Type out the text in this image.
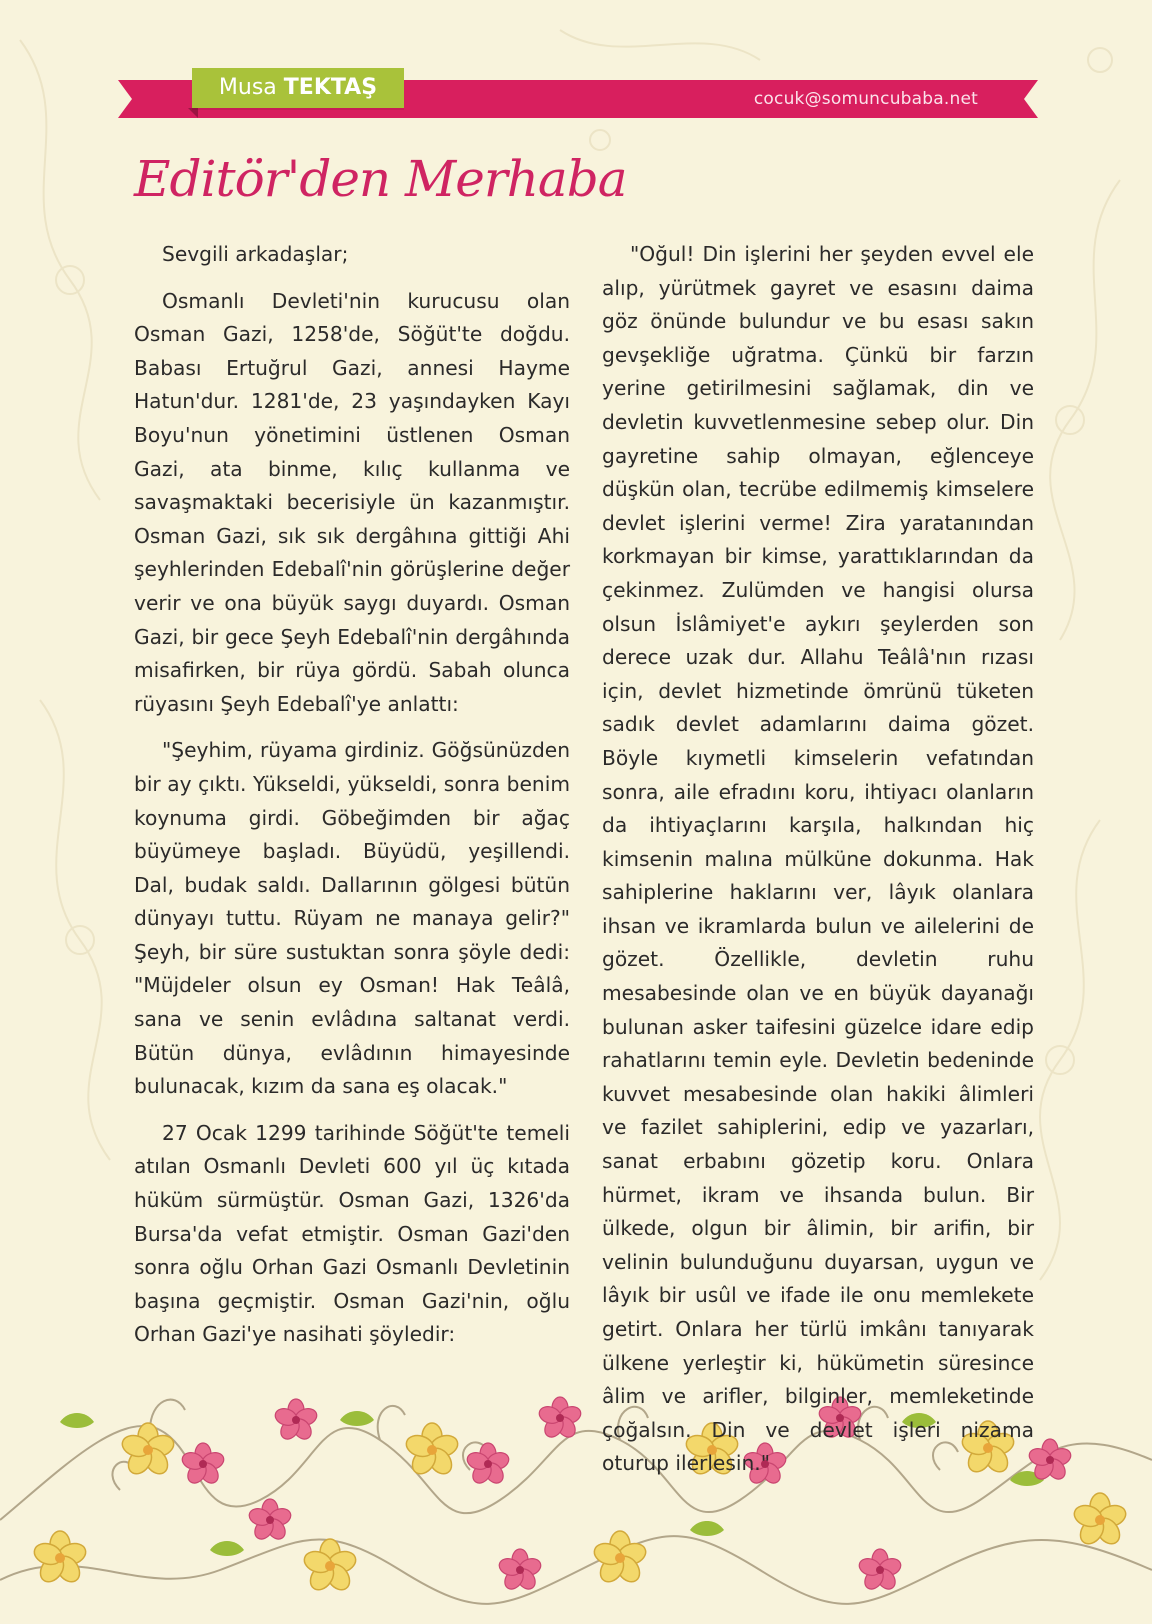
Musa TEKTAŞ	cocuk@somuncubaba.net
Editör'den Merhaba

Sevgili arkadaşlar;

Osmanlı Devleti'nin kurucusu olan Osman Gazi, 1258'de, Söğüt'te doğdu. Babası Ertuğrul Gazi, annesi Hayme Hatun'dur. 1281'de, 23 yaşındayken Kayı Boyu'nun yönetimini üstlenen Osman Gazi, ata binme, kılıç kullanma ve savaşmaktaki becerisiyle ün kazanmıştır. Osman Gazi, sık sık dergâhına gittiği Ahi şeyhlerinden Edebalî'nin görüşlerine değer verir ve ona büyük saygı duyardı. Osman Gazi, bir gece Şeyh Edebalî'nin dergâhında misafirken, bir rüya gördü. Sabah olunca rüyasını Şeyh Edebalî'ye anlattı:

"Şeyhim, rüyama girdiniz. Göğsünüzden bir ay çıktı. Yükseldi, yükseldi, sonra benim koynuma girdi. Göbeğimden bir ağaç büyümeye başladı. Büyüdü, yeşillendi. Dal, budak saldı. Dallarının gölgesi bütün dünyayı tuttu. Rüyam ne manaya gelir?" Şeyh, bir süre sustuktan sonra şöyle dedi: "Müjdeler olsun ey Osman! Hak Teâlâ, sana ve senin evlâdına saltanat verdi. Bütün dünya, evlâdının himayesinde bulunacak, kızım da sana eş olacak."

27 Ocak 1299 tarihinde Söğüt'te temeli atılan Osmanlı Devleti 600 yıl üç kıtada hüküm sürmüştür. Osman Gazi, 1326'da Bursa'da vefat etmiştir. Osman Gazi'den sonra oğlu Orhan Gazi Osmanlı Devletinin başına geçmiştir. Osman Gazi'nin, oğlu Orhan Gazi'ye nasihati şöyledir:

"Oğul! Din işlerini her şeyden evvel ele alıp, yürütmek gayret ve esasını daima göz önünde bulundur ve bu esası sakın gevşekliğe uğratma. Çünkü bir farzın yerine getirilmesini sağlamak, din ve devletin kuvvetlenmesine sebep olur. Din gayretine sahip olmayan, eğlenceye düşkün olan, tecrübe edilmemiş kimselere devlet işlerini verme! Zira yaratanından korkmayan bir kimse, yarattıklarından da çekinmez. Zulümden ve hangisi olursa olsun İslâmiyet'e aykırı şeylerden son derece uzak dur. Allahu Teâlâ'nın rızası için, devlet hizmetinde ömrünü tüketen sadık devlet adamlarını daima gözet. Böyle kıymetli kimselerin vefatından sonra, aile efradını koru, ihtiyacı olanların da ihtiyaçlarını karşıla, halkından hiç kimsenin malına mülküne dokunma. Hak sahiplerine haklarını ver, lâyık olanlara ihsan ve ikramlarda bulun ve ailelerini de gözet. Özellikle, devletin ruhu mesabesinde olan ve en büyük dayanağı bulunan asker taifesini güzelce idare edip rahatlarını temin eyle. Devletin bedeninde kuvvet mesabesinde olan hakiki âlimleri ve fazilet sahiplerini, edip ve yazarları, sanat erbabını gözetip koru. Onlara hürmet, ikram ve ihsanda bulun. Bir ülkede, olgun bir âlimin, bir arifin, bir velinin bulunduğunu duyarsan, uygun ve lâyık bir usûl ve ifade ile onu memlekete getirt. Onlara her türlü imkânı tanıyarak ülkene yerleştir ki, hükümetin süresince âlim ve arifler, bilginler, memleketinde çoğalsın. Din ve devlet işleri nizama oturup ilerlesin."
